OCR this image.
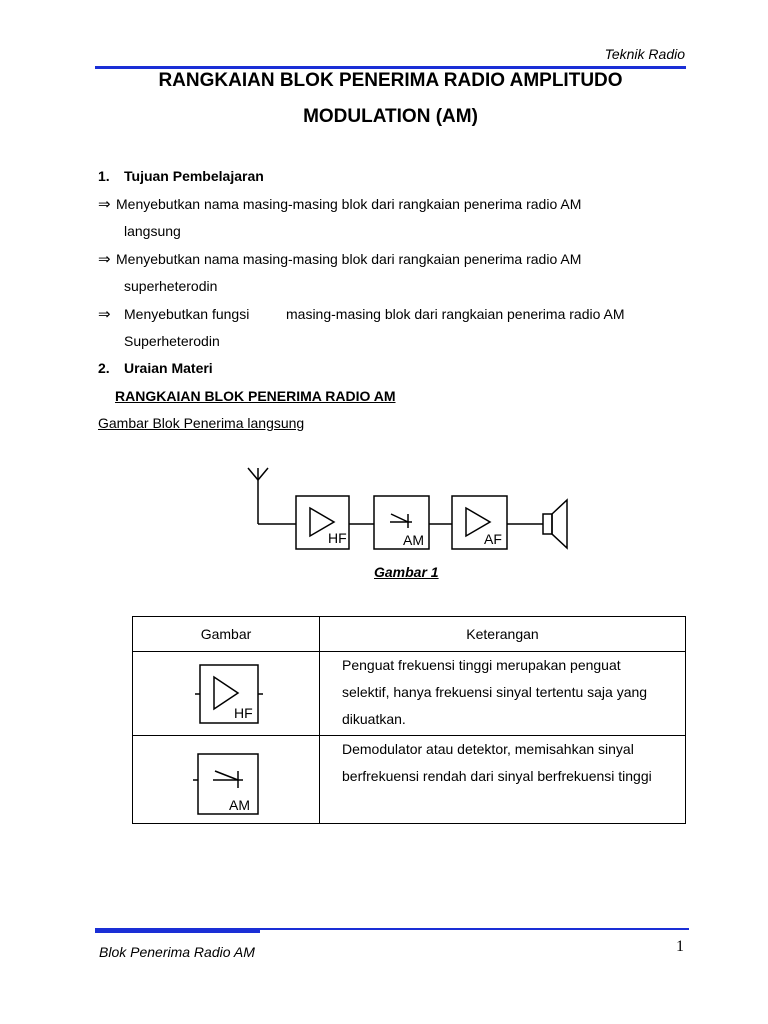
Teknik Radio
RANGKAIAN BLOK PENERIMA RADIO AMPLITUDO
MODULATION (AM)
1. Tujuan Pembelajaran
⇒ Menyebutkan nama masing-masing blok dari rangkaian penerima radio AM
langsung
⇒ Menyebutkan nama masing-masing blok dari rangkaian penerima radio AM
superheterodin
⇒ Menyebutkan fungsi	masing-masing blok dari rangkaian penerima radio AM
Superheterodin
2. Uraian Materi
RANGKAIAN BLOK PENERIMA RADIO AM
Gambar Blok Penerima langsung
HF	AM	AF
Gambar 1
Gambar	Keterangan

HF	Penguat frekuensi tinggi merupakan penguat
selektif, hanya frekuensi sinyal tertentu saja yang
dikuatkan.

AM	Demodulator atau detektor, memisahkan sinyal
berfrekuensi rendah dari sinyal berfrekuensi tinggi
Blok Penerima Radio AM	1
